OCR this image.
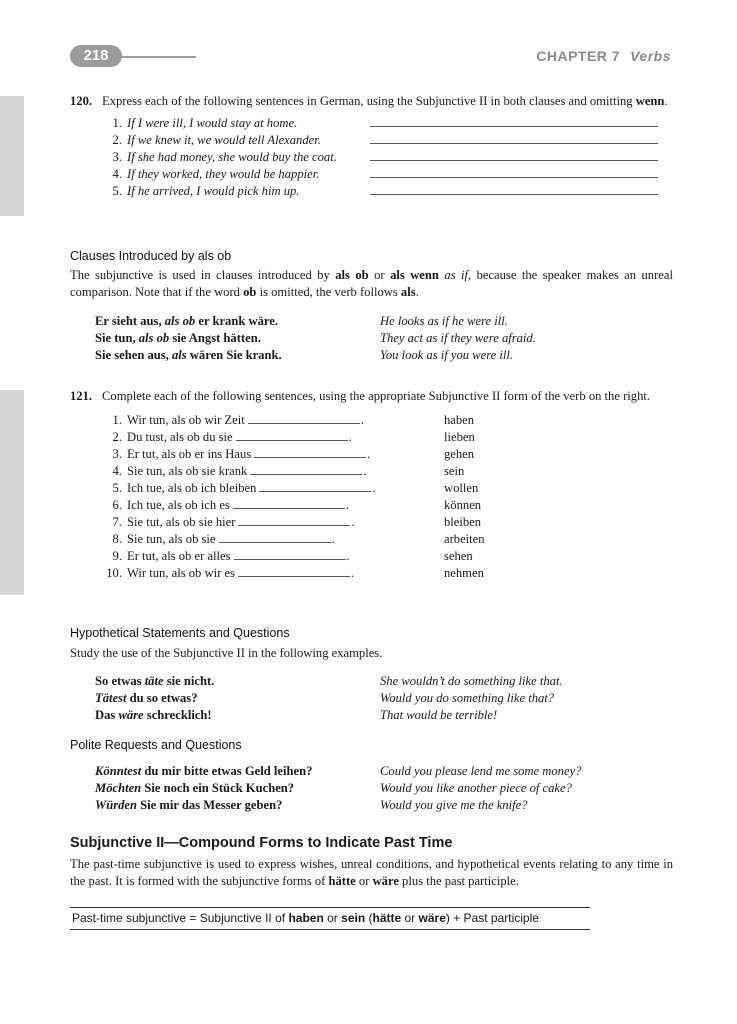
218	CHAPTER 7 Verbs
120. Express each of the following sentences in German, using the Subjunctive II in both clauses and omitting wenn.
1. If I were ill, I would stay at home.
2. If we knew it, we would tell Alexander.
3. If she had money, she would buy the coat.
4. If they worked, they would be happier.
5. If he arrived, I would pick him up.
Clauses Introduced by als ob
The subjunctive is used in clauses introduced by als ob or als wenn as if, because the speaker makes an unreal comparison. Note that if the word ob is omitted, the verb follows als.
Er sieht aus, als ob er krank wäre.	He looks as if he were ill.
Sie tun, als ob sie Angst hätten.	They act as if they were afraid.
Sie sehen aus, als wären Sie krank.	You look as if you were ill.
121. Complete each of the following sentences, using the appropriate Subjunctive II form of the verb on the right.
1. Wir tun, als ob wir Zeit	.	haben
2. Du tust, als ob du sie	.	lieben
3. Er tut, als ob er ins Haus	.	gehen
4. Sie tun, als ob sie krank	.	sein
5. Ich tue, als ob ich bleiben	.	wollen
6. Ich tue, als ob ich es	.	können
7. Sie tut, als ob sie hier	.	bleiben
8. Sie tun, als ob sie	.	arbeiten
9. Er tut, als ob er alles	.	sehen
10. Wir tun, als ob wir es	.	nehmen
Hypothetical Statements and Questions
Study the use of the Subjunctive II in the following examples.
So etwas täte sie nicht.	She wouldn’t do something like that.
Tätest du so etwas?	Would you do something like that?
Das wäre schrecklich!	That would be terrible!
Polite Requests and Questions
Könntest du mir bitte etwas Geld leihen?	Could you please lend me some money?
Möchten Sie noch ein Stück Kuchen?	Would you like another piece of cake?
Würden Sie mir das Messer geben?	Would you give me the knife?
Subjunctive II—Compound Forms to Indicate Past Time
The past-time subjunctive is used to express wishes, unreal conditions, and hypothetical events relating to any time in the past. It is formed with the subjunctive forms of hätte or wäre plus the past participle.
Past-time subjunctive = Subjunctive II of haben or sein (hätte or wäre) + Past participle
